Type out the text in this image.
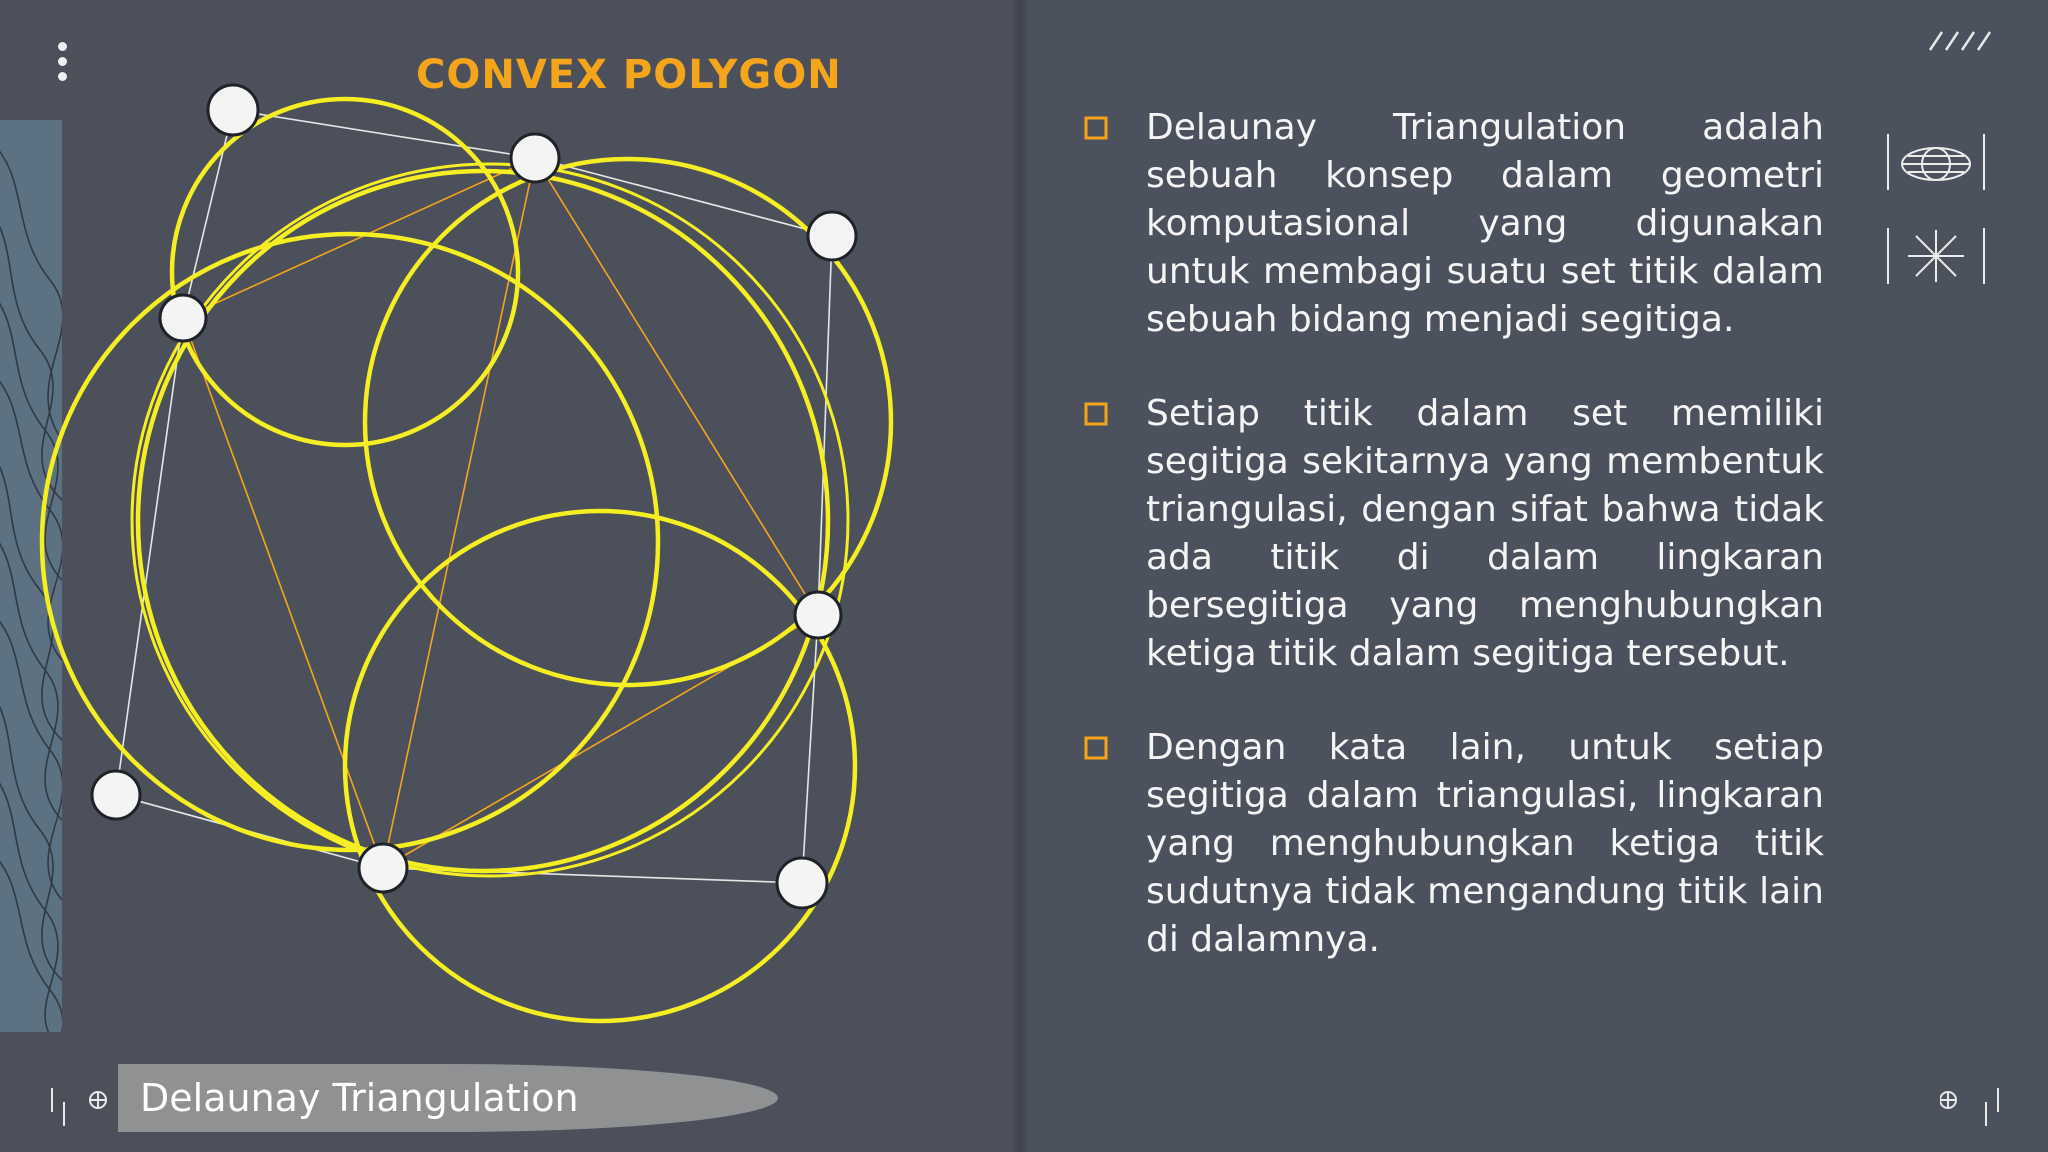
CONVEX POLYGON

Delaunay Triangulation

Delaunay Triangulation adalah sebuah konsep dalam geometri komputasional yang digunakan untuk membagi suatu set titik dalam sebuah bidang menjadi segitiga.

Setiap titik dalam set memiliki segitiga sekitarnya yang membentuk triangulasi, dengan sifat bahwa tidak ada titik di dalam lingkaran bersegitiga yang menghubungkan ketiga titik dalam segitiga tersebut.

Dengan kata lain, untuk setiap segitiga dalam triangulasi, lingkaran yang menghubungkan ketiga titik sudutnya tidak mengandung titik lain di dalamnya.
